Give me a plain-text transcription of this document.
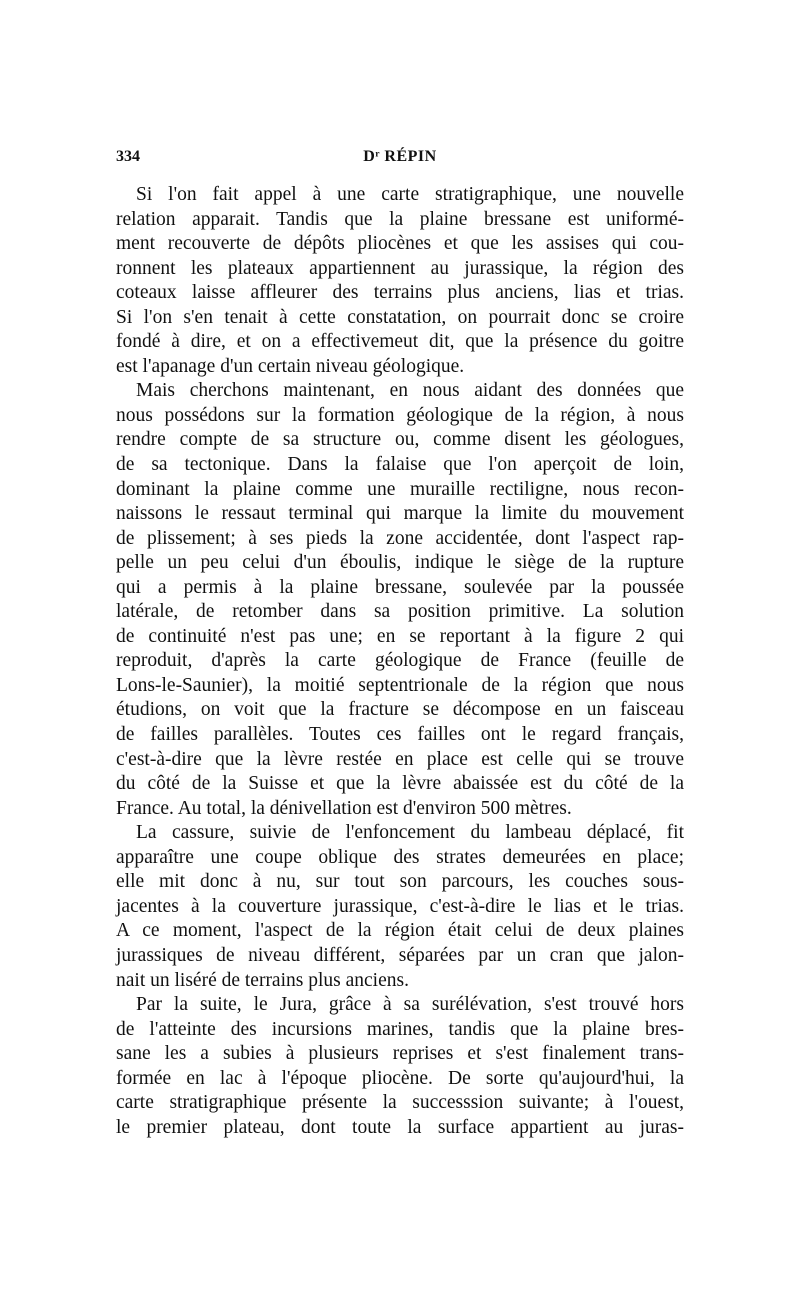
334	Dʳ RÉPIN
Si l'on fait appel à une carte stratigraphique, une nouvelle
relation apparait. Tandis que la plaine bressane est uniformé-
ment recouverte de dépôts pliocènes et que les assises qui cou-
ronnent les plateaux appartiennent au jurassique, la région des
coteaux laisse affleurer des terrains plus anciens, lias et trias.
Si l'on s'en tenait à cette constatation, on pourrait donc se croire
fondé à dire, et on a effectivemeut dit, que la présence du goitre
est l'apanage d'un certain niveau géologique.
Mais cherchons maintenant, en nous aidant des données que
nous possédons sur la formation géologique de la région, à nous
rendre compte de sa structure ou, comme disent les géologues,
de sa tectonique. Dans la falaise que l'on aperçoit de loin,
dominant la plaine comme une muraille rectiligne, nous recon-
naissons le ressaut terminal qui marque la limite du mouvement
de plissement; à ses pieds la zone accidentée, dont l'aspect rap-
pelle un peu celui d'un éboulis, indique le siège de la rupture
qui a permis à la plaine bressane, soulevée par la poussée
latérale, de retomber dans sa position primitive. La solution
de continuité n'est pas une; en se reportant à la figure 2 qui
reproduit, d'après la carte géologique de France (feuille de
Lons-le-Saunier), la moitié septentrionale de la région que nous
étudions, on voit que la fracture se décompose en un faisceau
de failles parallèles. Toutes ces failles ont le regard français,
c'est-à-dire que la lèvre restée en place est celle qui se trouve
du côté de la Suisse et que la lèvre abaissée est du côté de la
France. Au total, la dénivellation est d'environ 500 mètres.
La cassure, suivie de l'enfoncement du lambeau déplacé, fit
apparaître une coupe oblique des strates demeurées en place;
elle mit donc à nu, sur tout son parcours, les couches sous-
jacentes à la couverture jurassique, c'est-à-dire le lias et le trias.
A ce moment, l'aspect de la région était celui de deux plaines
jurassiques de niveau différent, séparées par un cran que jalon-
nait un liséré de terrains plus anciens.
Par la suite, le Jura, grâce à sa surélévation, s'est trouvé hors
de l'atteinte des incursions marines, tandis que la plaine bres-
sane les a subies à plusieurs reprises et s'est finalement trans-
formée en lac à l'époque pliocène. De sorte qu'aujourd'hui, la
carte stratigraphique présente la successsion suivante; à l'ouest,
le premier plateau, dont toute la surface appartient au juras-
